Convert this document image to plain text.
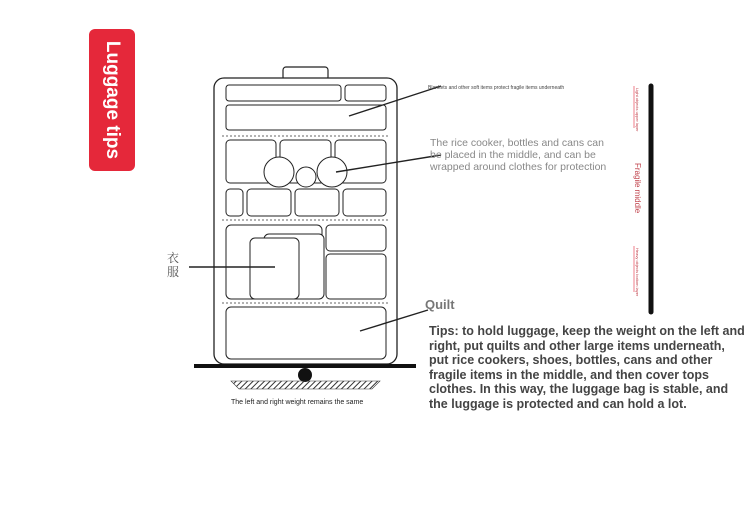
Luggage tips	Blankets and other soft items protect fragile items underneath
The rice cooker, bottles and cans can be placed in the middle, and can be wrapped around clothes for protection
衣服
Quilt
Tips: to hold luggage, keep the weight on the left and right, put quilts and other large items underneath, put rice cookers, shoes, bottles, cans and other fragile items in the middle, and then cover tops clothes. In this way, the luggage bag is stable, and the luggage is protected and can hold a lot.
The left and right weight remains the same
Light objects upper layer
Fragile middle
Heavy objects bottom layer
